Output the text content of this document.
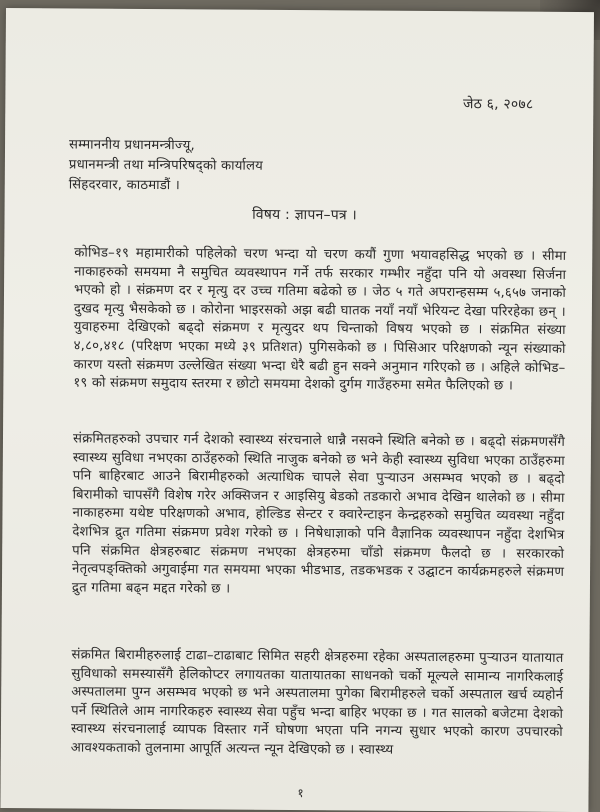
जेठ ६, २०७८
सम्माननीय प्रधानमन्त्रीज्यू,
प्रधानमन्त्री तथा मन्त्रिपरिषद्को कार्यालय
सिंहदरवार, काठमाडौं ।
विषय : ज्ञापन–पत्र ।
कोभिड–१९ महामारीको पहिलेको चरण भन्दा यो चरण कयौं गुणा भयावहसिद्ध भएको छ । सीमा नाकाहरुको समयमा नै समुचित व्यवस्थापन गर्ने तर्फ सरकार गम्भीर नहुँदा पनि यो अवस्था सिर्जना भएको हो । संक्रमण दर र मृत्यु दर उच्च गतिमा बढेको छ । जेठ ५ गते अपरान्हसम्म ५,६५७ जनाको दुखद मृत्यु भैसकेको छ । कोरोना भाइरसको अझ बढी घातक नयाँ नयाँ भेरियन्ट देखा परिरहेका छन् । युवाहरुमा देखिएको बढ्दो संक्रमण र मृत्युदर थप चिन्ताको विषय भएको छ । संक्रमित संख्या ४,८०,४१८ (परिक्षण भएका मध्ये ३९ प्रतिशत) पुगिसकेको छ । पिसिआर परिक्षणको न्यून संख्याको कारण यस्तो संक्रमण उल्लेखित संख्या भन्दा धेरै बढी हुन सक्ने अनुमान गरिएको छ । अहिले कोभिड–१९ को संक्रमण समुदाय स्तरमा र छोटो समयमा देशको दुर्गम गाउँहरुमा समेत फैलिएको छ ।
संक्रमितहरुको उपचार गर्न देशको स्वास्थ्य संरचनाले धान्नै नसक्ने स्थिति बनेको छ । बढ्दो संक्रमणसँगै स्वास्थ्य सुविधा नभएका ठाउँहरुको स्थिति नाजुक बनेको छ भने केही स्वास्थ्य सुविधा भएका ठाउँहरुमा पनि बाहिरबाट आउने बिरामीहरुको अत्याधिक चापले सेवा पुऱ्याउन असम्भव भएको छ । बढ्दो बिरामीको चापसँगै विशेष गरेर अक्सिजन र आइसियु बेडको तडकारो अभाव देखिन थालेको छ । सीमा नाकाहरुमा यथेष्ट परिक्षणको अभाव, होल्डिड सेन्टर र क्वारेन्टाइन केन्द्रहरुको समुचित व्यवस्था नहुँदा देशभित्र द्रुत गतिमा संक्रमण प्रवेश गरेको छ । निषेधाज्ञाको पनि वैज्ञानिक व्यवस्थापन नहुँदा देशभित्र पनि संक्रमित क्षेत्रहरुबाट संक्रमण नभएका क्षेत्रहरुमा चाँडो संक्रमण फैलदो छ । सरकारको नेतृत्वपङ्क्तिको अगुवाईमा गत समयमा भएका भीडभाड, तडकभडक र उद्घाटन कार्यक्रमहरुले संक्रमण द्रुत गतिमा बढ्न मद्दत गरेको छ ।
संक्रमित बिरामीहरुलाई टाढा–टाढाबाट सिमित सहरी क्षेत्रहरुमा रहेका अस्पतालहरुमा पुऱ्याउन यातायात सुविधाको समस्यासँगै हेलिकोप्टर लगायतका यातायातका साधनको चर्को मूल्यले सामान्य नागरिकलाई अस्पतालमा पुग्न असम्भव भएको छ भने अस्पतालमा पुगेका बिरामीहरुले चर्को अस्पताल खर्च व्यहोर्न पर्ने स्थितिले आम नागरिकहरु स्वास्थ्य सेवा पहुँच भन्दा बाहिर भएका छ । गत सालको बजेटमा देशको स्वास्थ्य संरचनालाई व्यापक विस्तार गर्ने घोषणा भएता पनि नगन्य सुधार भएको कारण उपचारको आवश्यकताको तुलनामा आपूर्ति अत्यन्त न्यून देखिएको छ । स्वास्थ्य
१
